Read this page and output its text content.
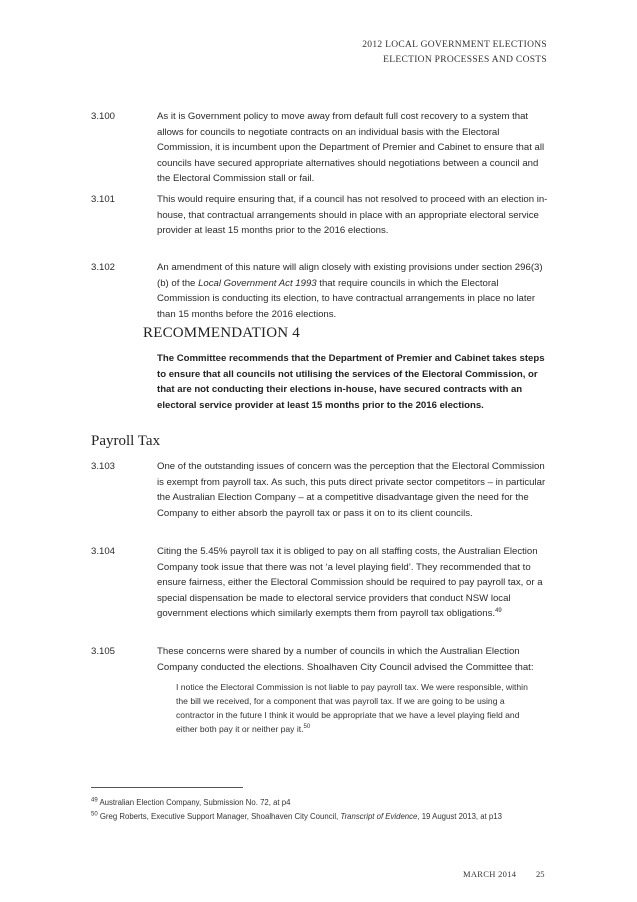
2012 LOCAL GOVERNMENT ELECTIONS
ELECTION PROCESSES AND COSTS
3.100	As it is Government policy to move away from default full cost recovery to a system that allows for councils to negotiate contracts on an individual basis with the Electoral Commission, it is incumbent upon the Department of Premier and Cabinet to ensure that all councils have secured appropriate alternatives should negotiations between a council and the Electoral Commission stall or fail.
3.101	This would require ensuring that, if a council has not resolved to proceed with an election in-house, that contractual arrangements should in place with an appropriate electoral service provider at least 15 months prior to the 2016 elections.
3.102	An amendment of this nature will align closely with existing provisions under section 296(3)(b) of the Local Government Act 1993 that require councils in which the Electoral Commission is conducting its election, to have contractual arrangements in place no later than 15 months before the 2016 elections.
RECOMMENDATION 4
The Committee recommends that the Department of Premier and Cabinet takes steps to ensure that all councils not utilising the services of the Electoral Commission, or that are not conducting their elections in-house, have secured contracts with an electoral service provider at least 15 months prior to the 2016 elections.
Payroll Tax
3.103	One of the outstanding issues of concern was the perception that the Electoral Commission is exempt from payroll tax. As such, this puts direct private sector competitors – in particular the Australian Election Company – at a competitive disadvantage given the need for the Company to either absorb the payroll tax or pass it on to its client councils.
3.104	Citing the 5.45% payroll tax it is obliged to pay on all staffing costs, the Australian Election Company took issue that there was not ‘a level playing field’. They recommended that to ensure fairness, either the Electoral Commission should be required to pay payroll tax, or a special dispensation be made to electoral service providers that conduct NSW local government elections which similarly exempts them from payroll tax obligations.$^{49}$
3.105	These concerns were shared by a number of councils in which the Australian Election Company conducted the elections. Shoalhaven City Council advised the Committee that:
I notice the Electoral Commission is not liable to pay payroll tax. We were responsible, within the bill we received, for a component that was payroll tax. If we are going to be using a contractor in the future I think it would be appropriate that we have a level playing field and either both pay it or neither pay it.$^{50}$
$^{49}$ Australian Election Company, Submission No. 72, at p4
$^{50}$ Greg Roberts, Executive Support Manager, Shoalhaven City Council, Transcript of Evidence, 19 August 2013, at p13
MARCH 2014 25
